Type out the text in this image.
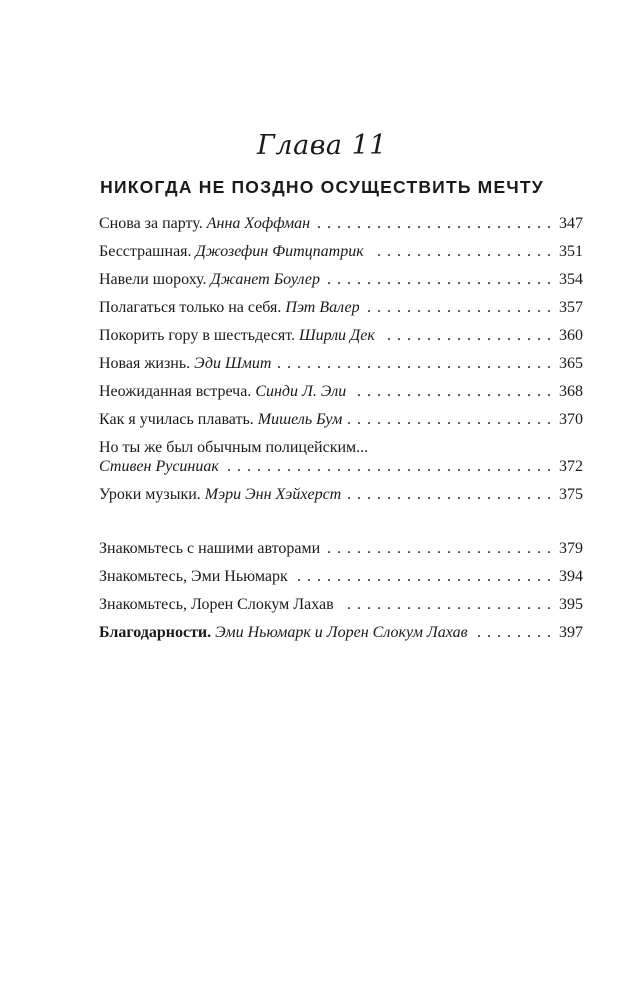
Глава 11
НИКОГДА НЕ ПОЗДНО ОСУЩЕСТВИТЬ МЕЧТУ
Снова за парту. Анна Хоффман . . .	347
Бесстрашная. Джозефин Фитцпатрик . . .	351
Навели шороху. Джанет Боулер . . .	354
Полагаться только на себя. Пэт Валер . . .	357
Покорить гору в шестьдесят. Ширли Дек . . .	360
Новая жизнь. Эди Шмит . . .	365
Неожиданная встреча. Синди Л. Эли . . .	368
Как я училась плавать. Мишель Бум . . .	370
Но ты же был обычным полицейским...
Стивен Русиниак . . .	372
Уроки музыки. Мэри Энн Хэйхерст . . .	375
Знакомьтесь с нашими авторами . . .	379
Знакомьтесь, Эми Ньюмарк . . .	394
Знакомьтесь, Лорен Слокум Лахав . . .	395
Благодарности. Эми Ньюмарк и Лорен Слокум Лахав . . .	397
